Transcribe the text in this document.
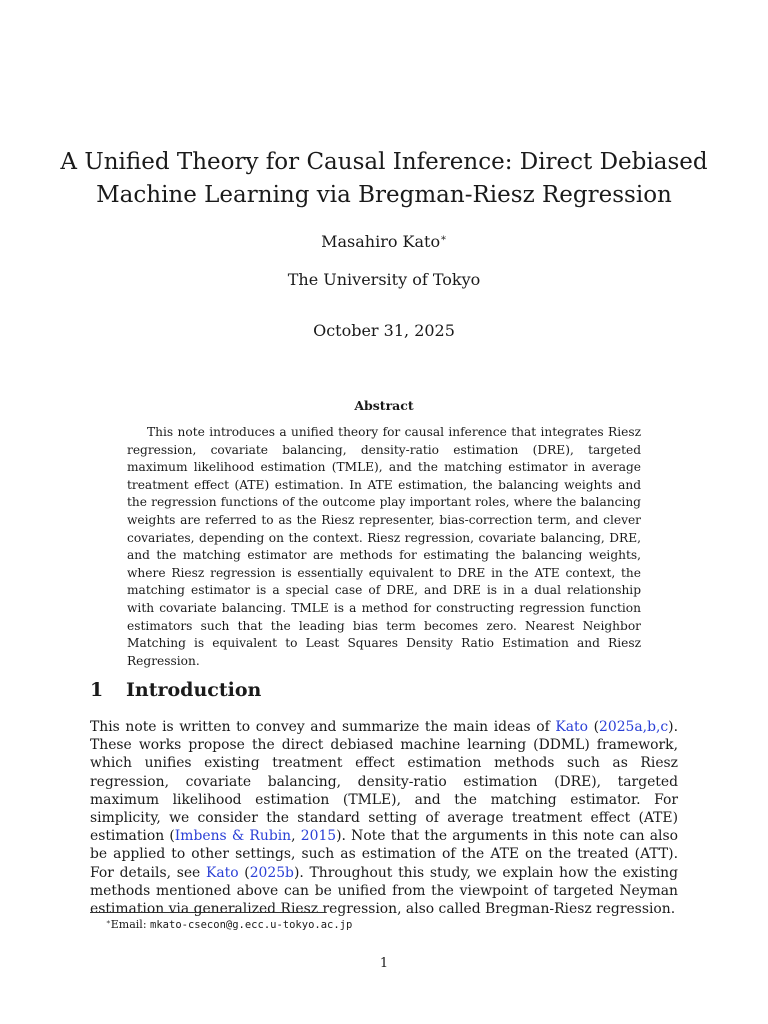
A Unified Theory for Causal Inference: Direct Debiased
Machine Learning via Bregman-Riesz Regression
Masahiro Kato∗
The University of Tokyo
October 31, 2025
Abstract

This note introduces a unified theory for causal inference that integrates Riesz regression, covariate balancing, density-ratio estimation (DRE), targeted maximum likelihood estimation (TMLE), and the matching estimator in average treatment effect (ATE) estimation. In ATE estimation, the balancing weights and the regression functions of the outcome play important roles, where the balancing weights are referred to as the Riesz representer, bias-correction term, and clever covariates, depending on the context. Riesz regression, covariate balancing, DRE, and the matching estimator are methods for estimating the balancing weights, where Riesz regression is essentially equivalent to DRE in the ATE context, the matching estimator is a special case of DRE, and DRE is in a dual relationship with covariate balancing. TMLE is a method for constructing regression function estimators such that the leading bias term becomes zero. Nearest Neighbor Matching is equivalent to Least Squares Density Ratio Estimation and Riesz Regression.

1 Introduction

This note is written to convey and summarize the main ideas of Kato (2025a,b,c). These works propose the direct debiased machine learning (DDML) framework, which unifies existing treatment effect estimation methods such as Riesz regression, covariate balancing, density-ratio estimation (DRE), targeted maximum likelihood estimation (TMLE), and the matching estimator. For simplicity, we consider the standard setting of average treatment effect (ATE) estimation (Imbens & Rubin, 2015). Note that the arguments in this note can also be applied to other settings, such as estimation of the ATE on the treated (ATT). For details, see Kato (2025b). Throughout this study, we explain how the existing methods mentioned above can be unified from the viewpoint of targeted Neyman estimation via generalized Riesz regression, also called Bregman-Riesz regression.

∗Email: mkato-csecon@g.ecc.u-tokyo.ac.jp
1
